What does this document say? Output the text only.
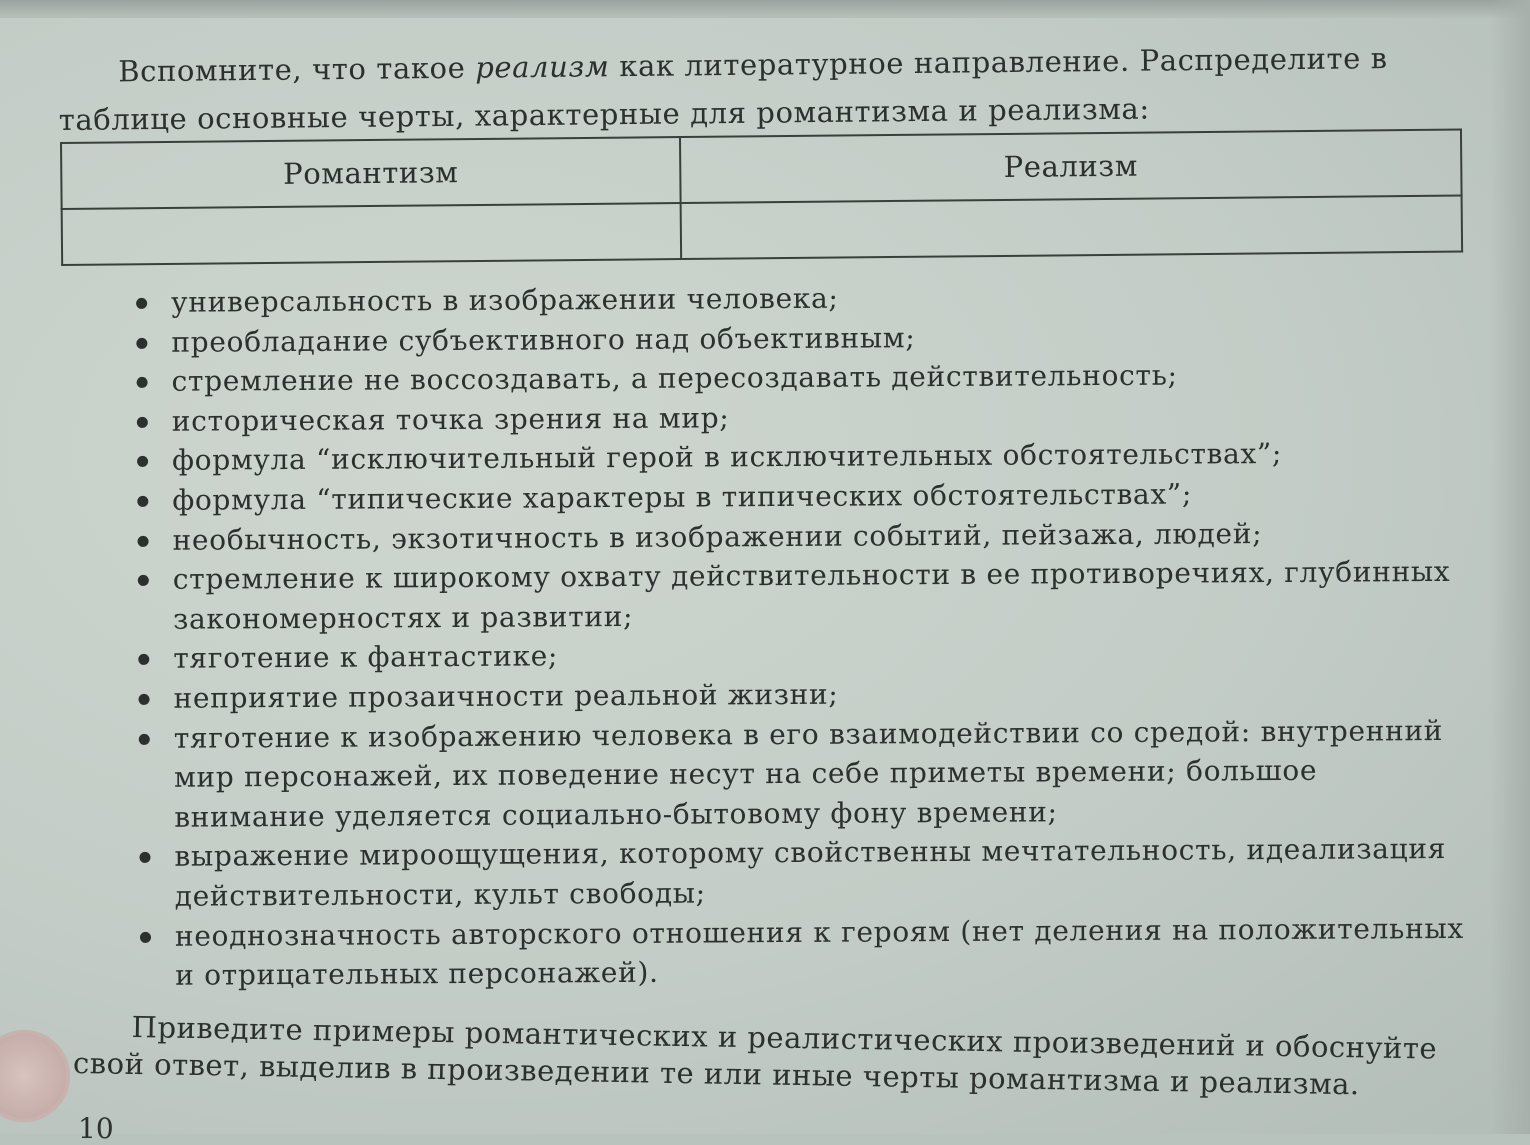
Вспомните, что такое реализм как литературное направление. Распределите в таблице основные черты, характерные для романтизма и реализма:

Романтизм	Реализм

универсальность в изображении человека;
преобладание субъективного над объективным;
стремление не воссоздавать, а пересоздавать действительность;
историческая точка зрения на мир;
формула “исключительный герой в исключительных обстоятельствах”;
формула “типические характеры в типических обстоятельствах”;
необычность, экзотичность в изображении событий, пейзажа, людей;
стремление к широкому охвату действительности в ее противоречиях, глубинных закономерностях и развитии;
тяготение к фантастике;
неприятие прозаичности реальной жизни;
тяготение к изображению человека в его взаимодействии со средой: внутренний мир персонажей, их поведение несут на себе приметы времени; большое внимание уделяется социально-бытовому фону времени;
выражение мироощущения, которому свойственны мечтательность, идеализация действительности, культ свободы;
неоднозначность авторского отношения к героям (нет деления на положительных и отрицательных персонажей).

Приведите примеры романтических и реалистических произведений и обоснуйте свой ответ, выделив в произведении те или иные черты романтизма и реализма.

10
